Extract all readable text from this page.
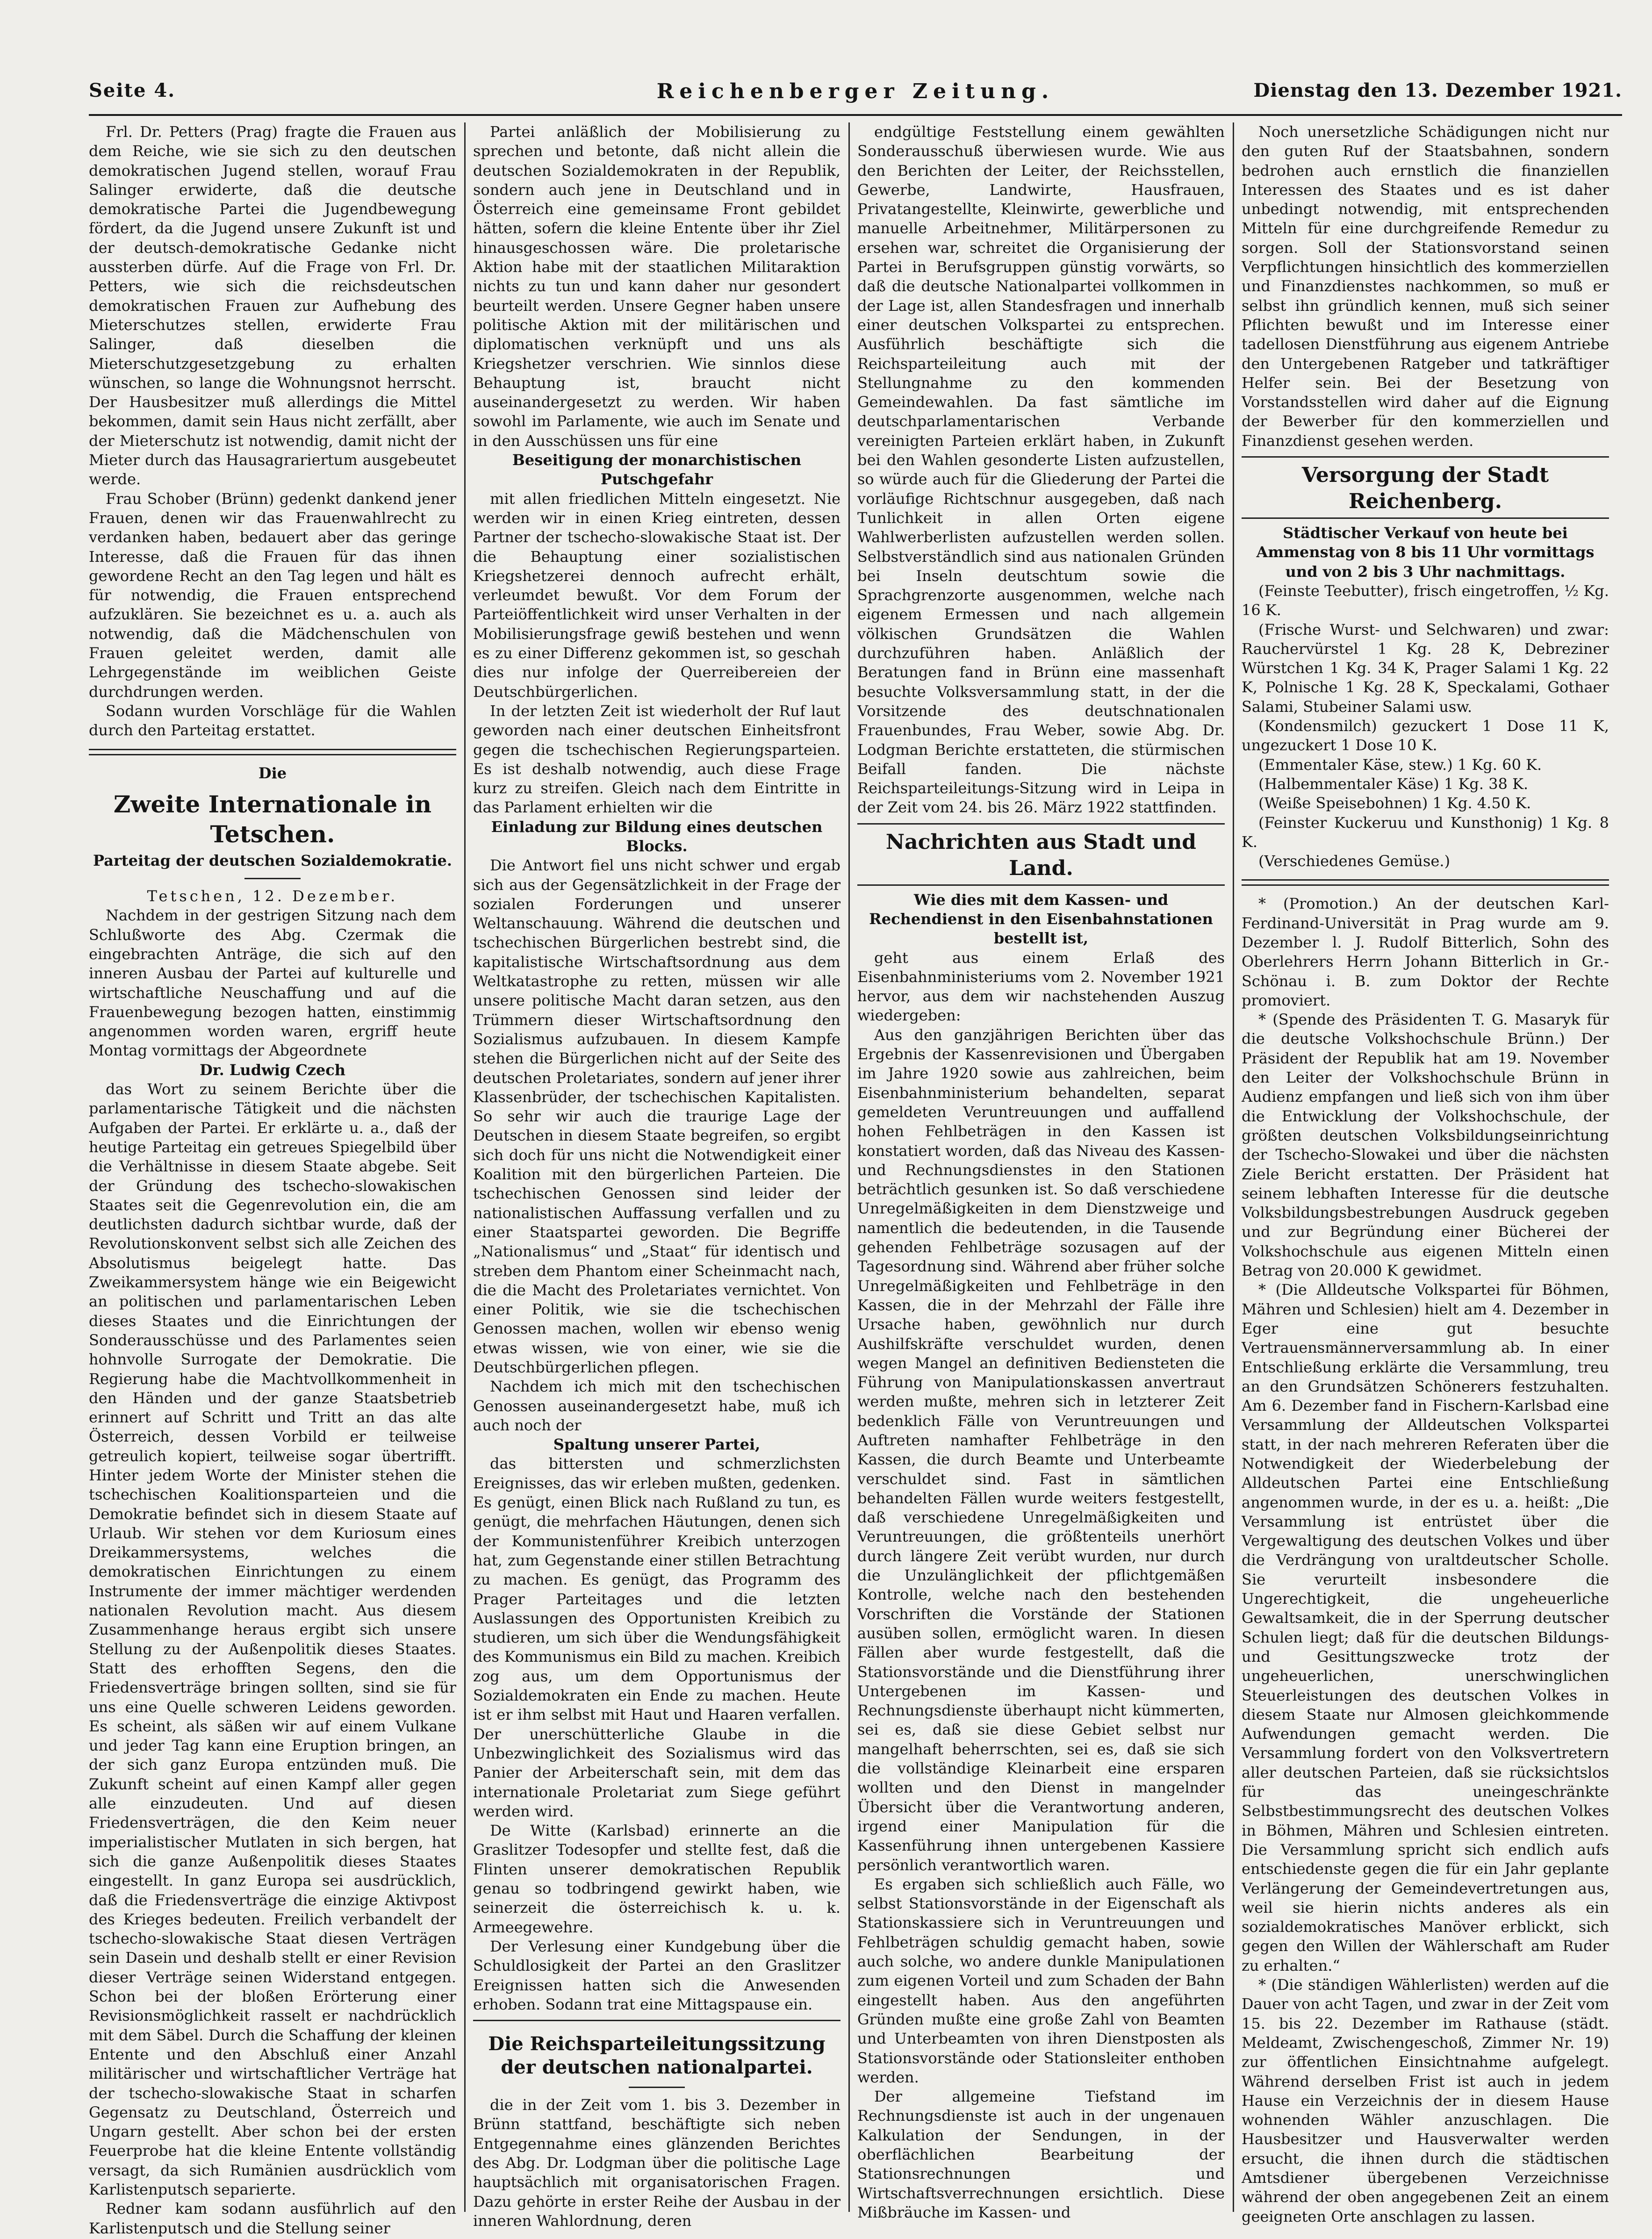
Seite 4.	Reichenberger Zeitung.	Dienstag den 13. Dezember 1921.

Frl. Dr. Petters (Prag) fragte die Frauen aus dem Reiche, wie sie sich zu den deutschen demokratischen Jugend stellen, worauf Frau Salinger erwiderte, daß die deutsche demokratische Partei die Jugendbewegung fördert, da die Jugend unsere Zukunft ist und der deutsch-demokratische Gedanke nicht aussterben dürfe. Auf die Frage von Frl. Dr. Petters, wie sich die reichsdeutschen demokratischen Frauen zur Aufhebung des Mieterschutzes stellen, erwiderte Frau Salinger, daß dieselben die Mieterschutzgesetzgebung zu erhalten wünschen, so lange die Wohnungsnot herrscht. Der Hausbesitzer muß allerdings die Mittel bekommen, damit sein Haus nicht zerfällt, aber der Mieterschutz ist notwendig, damit nicht der Mieter durch das Hausagrariertum ausgebeutet werde.

Frau Schober (Brünn) gedenkt dankend jener Frauen, denen wir das Frauenwahlrecht zu verdanken haben, bedauert aber das geringe Interesse, daß die Frauen für das ihnen gewordene Recht an den Tag legen und hält es für notwendig, die Frauen entsprechend aufzuklären. Sie bezeichnet es u. a. auch als notwendig, daß die Mädchenschulen von Frauen geleitet werden, damit alle Lehrgegenstände im weiblichen Geiste durchdrungen werden.

Sodann wurden Vorschläge für die Wahlen durch den Parteitag erstattet.

Die

Zweite Internationale in Tetschen.

Parteitag der deutschen Sozialdemokratie.

Tetschen, 12. Dezember.

Nachdem in der gestrigen Sitzung nach dem Schlußworte des Abg. Czermak die eingebrachten Anträge, die sich auf den inneren Ausbau der Partei auf kulturelle und wirtschaftliche Neuschaffung und auf die Frauenbewegung bezogen hatten, einstimmig angenommen worden waren, ergriff heute Montag vormittags der Abgeordnete

Dr. Ludwig Czech

das Wort zu seinem Berichte über die parlamentarische Tätigkeit und die nächsten Aufgaben der Partei. Er erklärte u. a., daß der heutige Parteitag ein getreues Spiegelbild über die Verhältnisse in diesem Staate abgebe. Seit der Gründung des tschecho-slowakischen Staates seit die Gegenrevolution ein, die am deutlichsten dadurch sichtbar wurde, daß der Revolutionskonvent selbst sich alle Zeichen des Absolutismus beigelegt hatte. Das Zweikammersystem hänge wie ein Beigewicht an politischen und parlamentarischen Leben dieses Staates und die Einrichtungen der Sonderausschüsse und des Parlamentes seien hohnvolle Surrogate der Demokratie. Die Regierung habe die Machtvollkommenheit in den Händen und der ganze Staatsbetrieb erinnert auf Schritt und Tritt an das alte Österreich, dessen Vorbild er teilweise getreulich kopiert, teilweise sogar übertrifft. Hinter jedem Worte der Minister stehen die tschechischen Koalitionsparteien und die Demokratie befindet sich in diesem Staate auf Urlaub. Wir stehen vor dem Kuriosum eines Dreikammersystems, welches die demokratischen Einrichtungen zu einem Instrumente der immer mächtiger werdenden nationalen Revolution macht. Aus diesem Zusammenhange heraus ergibt sich unsere Stellung zu der Außenpolitik dieses Staates. Statt des erhofften Segens, den die Friedensverträge bringen sollten, sind sie für uns eine Quelle schweren Leidens geworden. Es scheint, als säßen wir auf einem Vulkane und jeder Tag kann eine Eruption bringen, an der sich ganz Europa entzünden muß. Die Zukunft scheint auf einen Kampf aller gegen alle einzudeuten. Und auf diesen Friedensverträgen, die den Keim neuer imperialistischer Mutlaten in sich bergen, hat sich die ganze Außenpolitik dieses Staates eingestellt. In ganz Europa sei ausdrücklich, daß die Friedensverträge die einzige Aktivpost des Krieges bedeuten. Freilich verbandelt der tschecho-slowakische Staat diesen Verträgen sein Dasein und deshalb stellt er einer Revision dieser Verträge seinen Widerstand entgegen. Schon bei der bloßen Erörterung einer Revisionsmöglichkeit rasselt er nachdrücklich mit dem Säbel. Durch die Schaffung der kleinen Entente und den Abschluß einer Anzahl militärischer und wirtschaftlicher Verträge hat der tschecho-slowakische Staat in scharfen Gegensatz zu Deutschland, Österreich und Ungarn gestellt. Aber schon bei der ersten Feuerprobe hat die kleine Entente vollständig versagt, da sich Rumänien ausdrücklich vom Karlistenputsch separierte.

Redner kam sodann ausführlich auf den Karlistenputsch und die Stellung seiner

Partei anläßlich der Mobilisierung zu sprechen und betonte, daß nicht allein die deutschen Sozialdemokraten in der Republik, sondern auch jene in Deutschland und in Österreich eine gemeinsame Front gebildet hätten, sofern die kleine Entente über ihr Ziel hinausgeschossen wäre. Die proletarische Aktion habe mit der staatlichen Militaraktion nichts zu tun und kann daher nur gesondert beurteilt werden. Unsere Gegner haben unsere politische Aktion mit der militärischen und diplomatischen verknüpft und uns als Kriegshetzer verschrien. Wie sinnlos diese Behauptung ist, braucht nicht auseinandergesetzt zu werden. Wir haben sowohl im Parlamente, wie auch im Senate und in den Ausschüssen uns für eine

Beseitigung der monarchistischen Putschgefahr

mit allen friedlichen Mitteln eingesetzt. Nie werden wir in einen Krieg eintreten, dessen Partner der tschecho-slowakische Staat ist. Der die Behauptung einer sozialistischen Kriegshetzerei dennoch aufrecht erhält, verleumdet bewußt. Vor dem Forum der Parteiöffentlichkeit wird unser Verhalten in der Mobilisierungsfrage gewiß bestehen und wenn es zu einer Differenz gekommen ist, so geschah dies nur infolge der Querreibereien der Deutschbürgerlichen.

In der letzten Zeit ist wiederholt der Ruf laut geworden nach einer deutschen Einheitsfront gegen die tschechischen Regierungsparteien. Es ist deshalb notwendig, auch diese Frage kurz zu streifen. Gleich nach dem Eintritte in das Parlament erhielten wir die

Einladung zur Bildung eines deutschen Blocks.

Die Antwort fiel uns nicht schwer und ergab sich aus der Gegensätzlichkeit in der Frage der sozialen Forderungen und unserer Weltanschauung. Während die deutschen und tschechischen Bürgerlichen bestrebt sind, die kapitalistische Wirtschaftsordnung aus dem Weltkatastrophe zu retten, müssen wir alle unsere politische Macht daran setzen, aus den Trümmern dieser Wirtschaftsordnung den Sozialismus aufzubauen. In diesem Kampfe stehen die Bürgerlichen nicht auf der Seite des deutschen Proletariates, sondern auf jener ihrer Klassenbrüder, der tschechischen Kapitalisten. So sehr wir auch die traurige Lage der Deutschen in diesem Staate begreifen, so ergibt sich doch für uns nicht die Notwendigkeit einer Koalition mit den bürgerlichen Parteien. Die tschechischen Genossen sind leider der nationalistischen Auffassung verfallen und zu einer Staatspartei geworden. Die Begriffe „Nationalismus“ und „Staat“ für identisch und streben dem Phantom einer Scheinmacht nach, die die Macht des Proletariates vernichtet. Von einer Politik, wie sie die tschechischen Genossen machen, wollen wir ebenso wenig etwas wissen, wie von einer, wie sie die Deutschbürgerlichen pflegen.

Nachdem ich mich mit den tschechischen Genossen auseinandergesetzt habe, muß ich auch noch der

Spaltung unserer Partei,

das bittersten und schmerzlichsten Ereignisses, das wir erleben mußten, gedenken. Es genügt, einen Blick nach Rußland zu tun, es genügt, die mehrfachen Häutungen, denen sich der Kommunistenführer Kreibich unterzogen hat, zum Gegenstande einer stillen Betrachtung zu machen. Es genügt, das Programm des Prager Parteitages und die letzten Auslassungen des Opportunisten Kreibich zu studieren, um sich über die Wendungsfähigkeit des Kommunismus ein Bild zu machen. Kreibich zog aus, um dem Opportunismus der Sozialdemokraten ein Ende zu machen. Heute ist er ihm selbst mit Haut und Haaren verfallen. Der unerschütterliche Glaube in die Unbezwinglichkeit des Sozialismus wird das Panier der Arbeiterschaft sein, mit dem das internationale Proletariat zum Siege geführt werden wird.

De Witte (Karlsbad) erinnerte an die Graslitzer Todesopfer und stellte fest, daß die Flinten unserer demokratischen Republik genau so todbringend gewirkt haben, wie seinerzeit die österreichisch k. u. k. Armeegewehre.

Der Verlesung einer Kundgebung über die Schuldlosigkeit der Partei an den Graslitzer Ereignissen hatten sich die Anwesenden erhoben. Sodann trat eine Mittagspause ein.

Die Reichsparteileitungssitzung der deutschen nationalpartei.

die in der Zeit vom 1. bis 3. Dezember in Brünn stattfand, beschäftigte sich neben Entgegennahme eines glänzenden Berichtes des Abg. Dr. Lodgman über die politische Lage hauptsächlich mit organisatorischen Fragen. Dazu gehörte in erster Reihe der Ausbau in der inneren Wahlordnung, deren

endgültige Feststellung einem gewählten Sonderausschuß überwiesen wurde. Wie aus den Berichten der Leiter, der Reichsstellen, Gewerbe, Landwirte, Hausfrauen, Privatangestellte, Kleinwirte, gewerbliche und manuelle Arbeitnehmer, Militärpersonen zu ersehen war, schreitet die Organisierung der Partei in Berufsgruppen günstig vorwärts, so daß die deutsche Nationalpartei vollkommen in der Lage ist, allen Standesfragen und innerhalb einer deutschen Volkspartei zu entsprechen. Ausführlich beschäftigte sich die Reichsparteileitung auch mit der Stellungnahme zu den kommenden Gemeindewahlen. Da fast sämtliche im deutschparlamentarischen Verbande vereinigten Parteien erklärt haben, in Zukunft bei den Wahlen gesonderte Listen aufzustellen, so würde auch für die Gliederung der Partei die vorläufige Richtschnur ausgegeben, daß nach Tunlichkeit in allen Orten eigene Wahlwerberlisten aufzustellen werden sollen. Selbstverständlich sind aus nationalen Gründen bei Inseln deutschtum sowie die Sprachgrenzorte ausgenommen, welche nach eigenem Ermessen und nach allgemein völkischen Grundsätzen die Wahlen durchzuführen haben. Anläßlich der Beratungen fand in Brünn eine massenhaft besuchte Volksversammlung statt, in der die Vorsitzende des deutschnationalen Frauenbundes, Frau Weber, sowie Abg. Dr. Lodgman Berichte erstatteten, die stürmischen Beifall fanden. Die nächste Reichsparteileitungs-Sitzung wird in Leipa in der Zeit vom 24. bis 26. März 1922 stattfinden.

Nachrichten aus Stadt und Land.

Wie dies mit dem Kassen- und Rechendienst in den Eisenbahnstationen bestellt ist,

geht aus einem Erlaß des Eisenbahnministeriums vom 2. November 1921 hervor, aus dem wir nachstehenden Auszug wiedergeben:

Aus den ganzjährigen Berichten über das Ergebnis der Kassenrevisionen und Übergaben im Jahre 1920 sowie aus zahlreichen, beim Eisenbahnministerium behandelten, separat gemeldeten Veruntreuungen und auffallend hohen Fehlbeträgen in den Kassen ist konstatiert worden, daß das Niveau des Kassen- und Rechnungsdienstes in den Stationen beträchtlich gesunken ist. So daß verschiedene Unregelmäßigkeiten in dem Dienstzweige und namentlich die bedeutenden, in die Tausende gehenden Fehlbeträge sozusagen auf der Tagesordnung sind. Während aber früher solche Unregelmäßigkeiten und Fehlbeträge in den Kassen, die in der Mehrzahl der Fälle ihre Ursache haben, gewöhnlich nur durch Aushilfskräfte verschuldet wurden, denen wegen Mangel an definitiven Bediensteten die Führung von Manipulationskassen anvertraut werden mußte, mehren sich in letzterer Zeit bedenklich Fälle von Veruntreuungen und Auftreten namhafter Fehlbeträge in den Kassen, die durch Beamte und Unterbeamte verschuldet sind. Fast in sämtlichen behandelten Fällen wurde weiters festgestellt, daß verschiedene Unregelmäßigkeiten und Veruntreuungen, die größtenteils unerhört durch längere Zeit verübt wurden, nur durch die Unzulänglichkeit der pflichtgemäßen Kontrolle, welche nach den bestehenden Vorschriften die Vorstände der Stationen ausüben sollen, ermöglicht waren. In diesen Fällen aber wurde festgestellt, daß die Stationsvorstände und die Dienstführung ihrer Untergebenen im Kassen- und Rechnungsdienste überhaupt nicht kümmerten, sei es, daß sie diese Gebiet selbst nur mangelhaft beherrschten, sei es, daß sie sich die vollständige Kleinarbeit eine ersparen wollten und den Dienst in mangelnder Übersicht über die Verantwortung anderen, irgend einer Manipulation für die Kassenführung ihnen untergebenen Kassiere persönlich verantwortlich waren.

Es ergaben sich schließlich auch Fälle, wo selbst Stationsvorstände in der Eigenschaft als Stationskassiere sich in Veruntreuungen und Fehlbeträgen schuldig gemacht haben, sowie auch solche, wo andere dunkle Manipulationen zum eigenen Vorteil und zum Schaden der Bahn eingestellt haben. Aus den angeführten Gründen mußte eine große Zahl von Beamten und Unterbeamten von ihren Dienstposten als Stationsvorstände oder Stationsleiter enthoben werden.

Der allgemeine Tiefstand im Rechnungsdienste ist auch in der ungenauen Kalkulation der Sendungen, in der oberflächlichen Bearbeitung der Stationsrechnungen und Wirtschaftsverrechnungen ersichtlich. Diese Mißbräuche im Kassen- und

Noch unersetzliche Schädigungen nicht nur den guten Ruf der Staatsbahnen, sondern bedrohen auch ernstlich die finanziellen Interessen des Staates und es ist daher unbedingt notwendig, mit entsprechenden Mitteln für eine durchgreifende Remedur zu sorgen. Soll der Stationsvorstand seinen Verpflichtungen hinsichtlich des kommerziellen und Finanzdienstes nachkommen, so muß er selbst ihn gründlich kennen, muß sich seiner Pflichten bewußt und im Interesse einer tadellosen Dienstführung aus eigenem Antriebe den Untergebenen Ratgeber und tatkräftiger Helfer sein. Bei der Besetzung von Vorstandsstellen wird daher auf die Eignung der Bewerber für den kommerziellen und Finanzdienst gesehen werden.

Versorgung der Stadt Reichenberg.

Städtischer Verkauf von heute bei Ammenstag von 8 bis 11 Uhr vormittags und von 2 bis 3 Uhr nachmittags.

(Feinste Teebutter), frisch eingetroffen, ½ Kg. 16 K.

(Frische Wurst- und Selchwaren) und zwar: Rauchervürstel 1 Kg. 28 K, Debreziner Würstchen 1 Kg. 34 K, Prager Salami 1 Kg. 22 K, Polnische 1 Kg. 28 K, Speckalami, Gothaer Salami, Stubeiner Salami usw.

(Kondensmilch) gezuckert 1 Dose 11 K, ungezuckert 1 Dose 10 K.

(Emmentaler Käse, stew.) 1 Kg. 60 K.

(Halbemmentaler Käse) 1 Kg. 38 K.

(Weiße Speisebohnen) 1 Kg. 4.50 K.

(Feinster Kuckeruu und Kunsthonig) 1 Kg. 8 K.

(Verschiedenes Gemüse.)

* (Promotion.) An der deutschen Karl-Ferdinand-Universität in Prag wurde am 9. Dezember l. J. Rudolf Bitterlich, Sohn des Oberlehrers Herrn Johann Bitterlich in Gr.-Schönau i. B. zum Doktor der Rechte promoviert.

* (Spende des Präsidenten T. G. Masaryk für die deutsche Volkshochschule Brünn.) Der Präsident der Republik hat am 19. November den Leiter der Volkshochschule Brünn in Audienz empfangen und ließ sich von ihm über die Entwicklung der Volkshochschule, der größten deutschen Volksbildungseinrichtung der Tschecho-Slowakei und über die nächsten Ziele Bericht erstatten. Der Präsident hat seinem lebhaften Interesse für die deutsche Volksbildungsbestrebungen Ausdruck gegeben und zur Begründung einer Bücherei der Volkshochschule aus eigenen Mitteln einen Betrag von 20.000 K gewidmet.

* (Die Alldeutsche Volkspartei für Böhmen, Mähren und Schlesien) hielt am 4. Dezember in Eger eine gut besuchte Vertrauensmännerversammlung ab. In einer Entschließung erklärte die Versammlung, treu an den Grundsätzen Schönerers festzuhalten. Am 6. Dezember fand in Fischern-Karlsbad eine Versammlung der Alldeutschen Volkspartei statt, in der nach mehreren Referaten über die Notwendigkeit der Wiederbelebung der Alldeutschen Partei eine Entschließung angenommen wurde, in der es u. a. heißt: „Die Versammlung ist entrüstet über die Vergewaltigung des deutschen Volkes und über die Verdrängung von uraltdeutscher Scholle. Sie verurteilt insbesondere die Ungerechtigkeit, die ungeheuerliche Gewaltsamkeit, die in der Sperrung deutscher Schulen liegt; daß für die deutschen Bildungs- und Gesittungszwecke trotz der ungeheuerlichen, unerschwinglichen Steuerleistungen des deutschen Volkes in diesem Staate nur Almosen gleichkommende Aufwendungen gemacht werden. Die Versammlung fordert von den Volksvertretern aller deutschen Parteien, daß sie rücksichtslos für das uneingeschränkte Selbstbestimmungsrecht des deutschen Volkes in Böhmen, Mähren und Schlesien eintreten. Die Versammlung spricht sich endlich aufs entschiedenste gegen die für ein Jahr geplante Verlängerung der Gemeindevertretungen aus, weil sie hierin nichts anderes als ein sozialdemokratisches Manöver erblickt, sich gegen den Willen der Wählerschaft am Ruder zu erhalten.“

* (Die ständigen Wählerlisten) werden auf die Dauer von acht Tagen, und zwar in der Zeit vom 15. bis 22. Dezember im Rathause (städt. Meldeamt, Zwischengeschoß, Zimmer Nr. 19) zur öffentlichen Einsichtnahme aufgelegt. Während derselben Frist ist auch in jedem Hause ein Verzeichnis der in diesem Hause wohnenden Wähler anzuschlagen. Die Hausbesitzer und Hausverwalter werden ersucht, die ihnen durch die städtischen Amtsdiener übergebenen Verzeichnisse während der oben angegebenen Zeit an einem geeigneten Orte anschlagen zu lassen.
